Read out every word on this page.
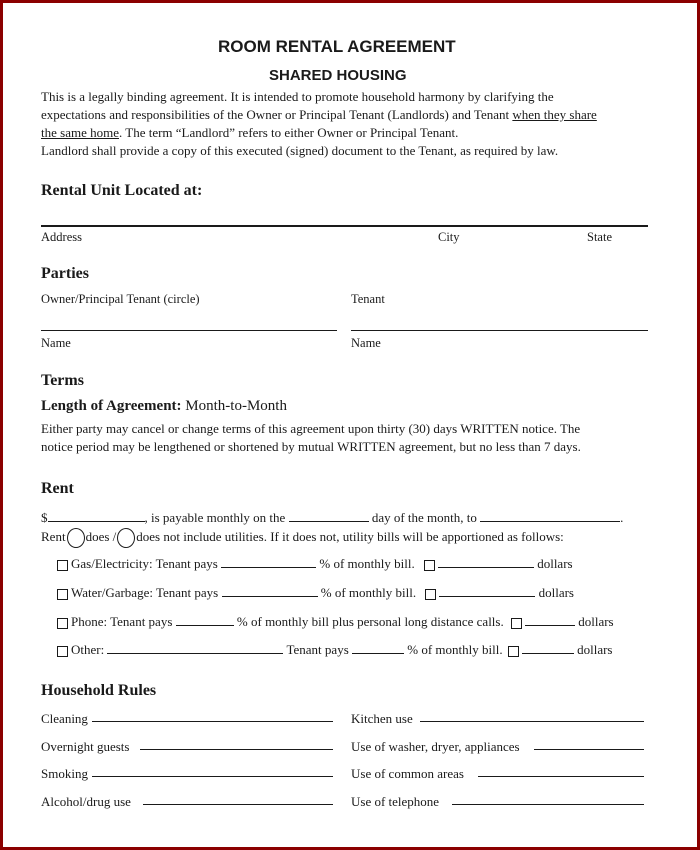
ROOM RENTAL AGREEMENT
SHARED HOUSING
This is a legally binding agreement. It is intended to promote household harmony by clarifying the
expectations and responsibilities of the Owner or Principal Tenant (Landlords) and Tenant when they share
the same home. The term “Landlord” refers to either Owner or Principal Tenant.
Landlord shall provide a copy of this executed (signed) document to the Tenant, as required by law.
Rental Unit Located at:
Address	City	State
Parties
Owner/Principal Tenant (circle)	Tenant
Name	Name
Terms
Length of Agreement: Month-to-Month
Either party may cancel or change terms of this agreement upon thirty (30) days WRITTEN notice. The
notice period may be lengthened or shortened by mutual WRITTEN agreement, but no less than 7 days.
Rent
$	, is payable monthly on the	day of the month, to	.
Rent does / does not include utilities. If it does not, utility bills will be apportioned as follows:
Gas/Electricity: Tenant pays	% of monthly bill.	dollars
Water/Garbage: Tenant pays	% of monthly bill.	dollars
Phone: Tenant pays	% of monthly bill plus personal long distance calls.	dollars
Other:	Tenant pays	% of monthly bill.	dollars
Household Rules
Cleaning	Kitchen use
Overnight guests	Use of washer, dryer, appliances
Smoking	Use of common areas
Alcohol/drug use	Use of telephone
